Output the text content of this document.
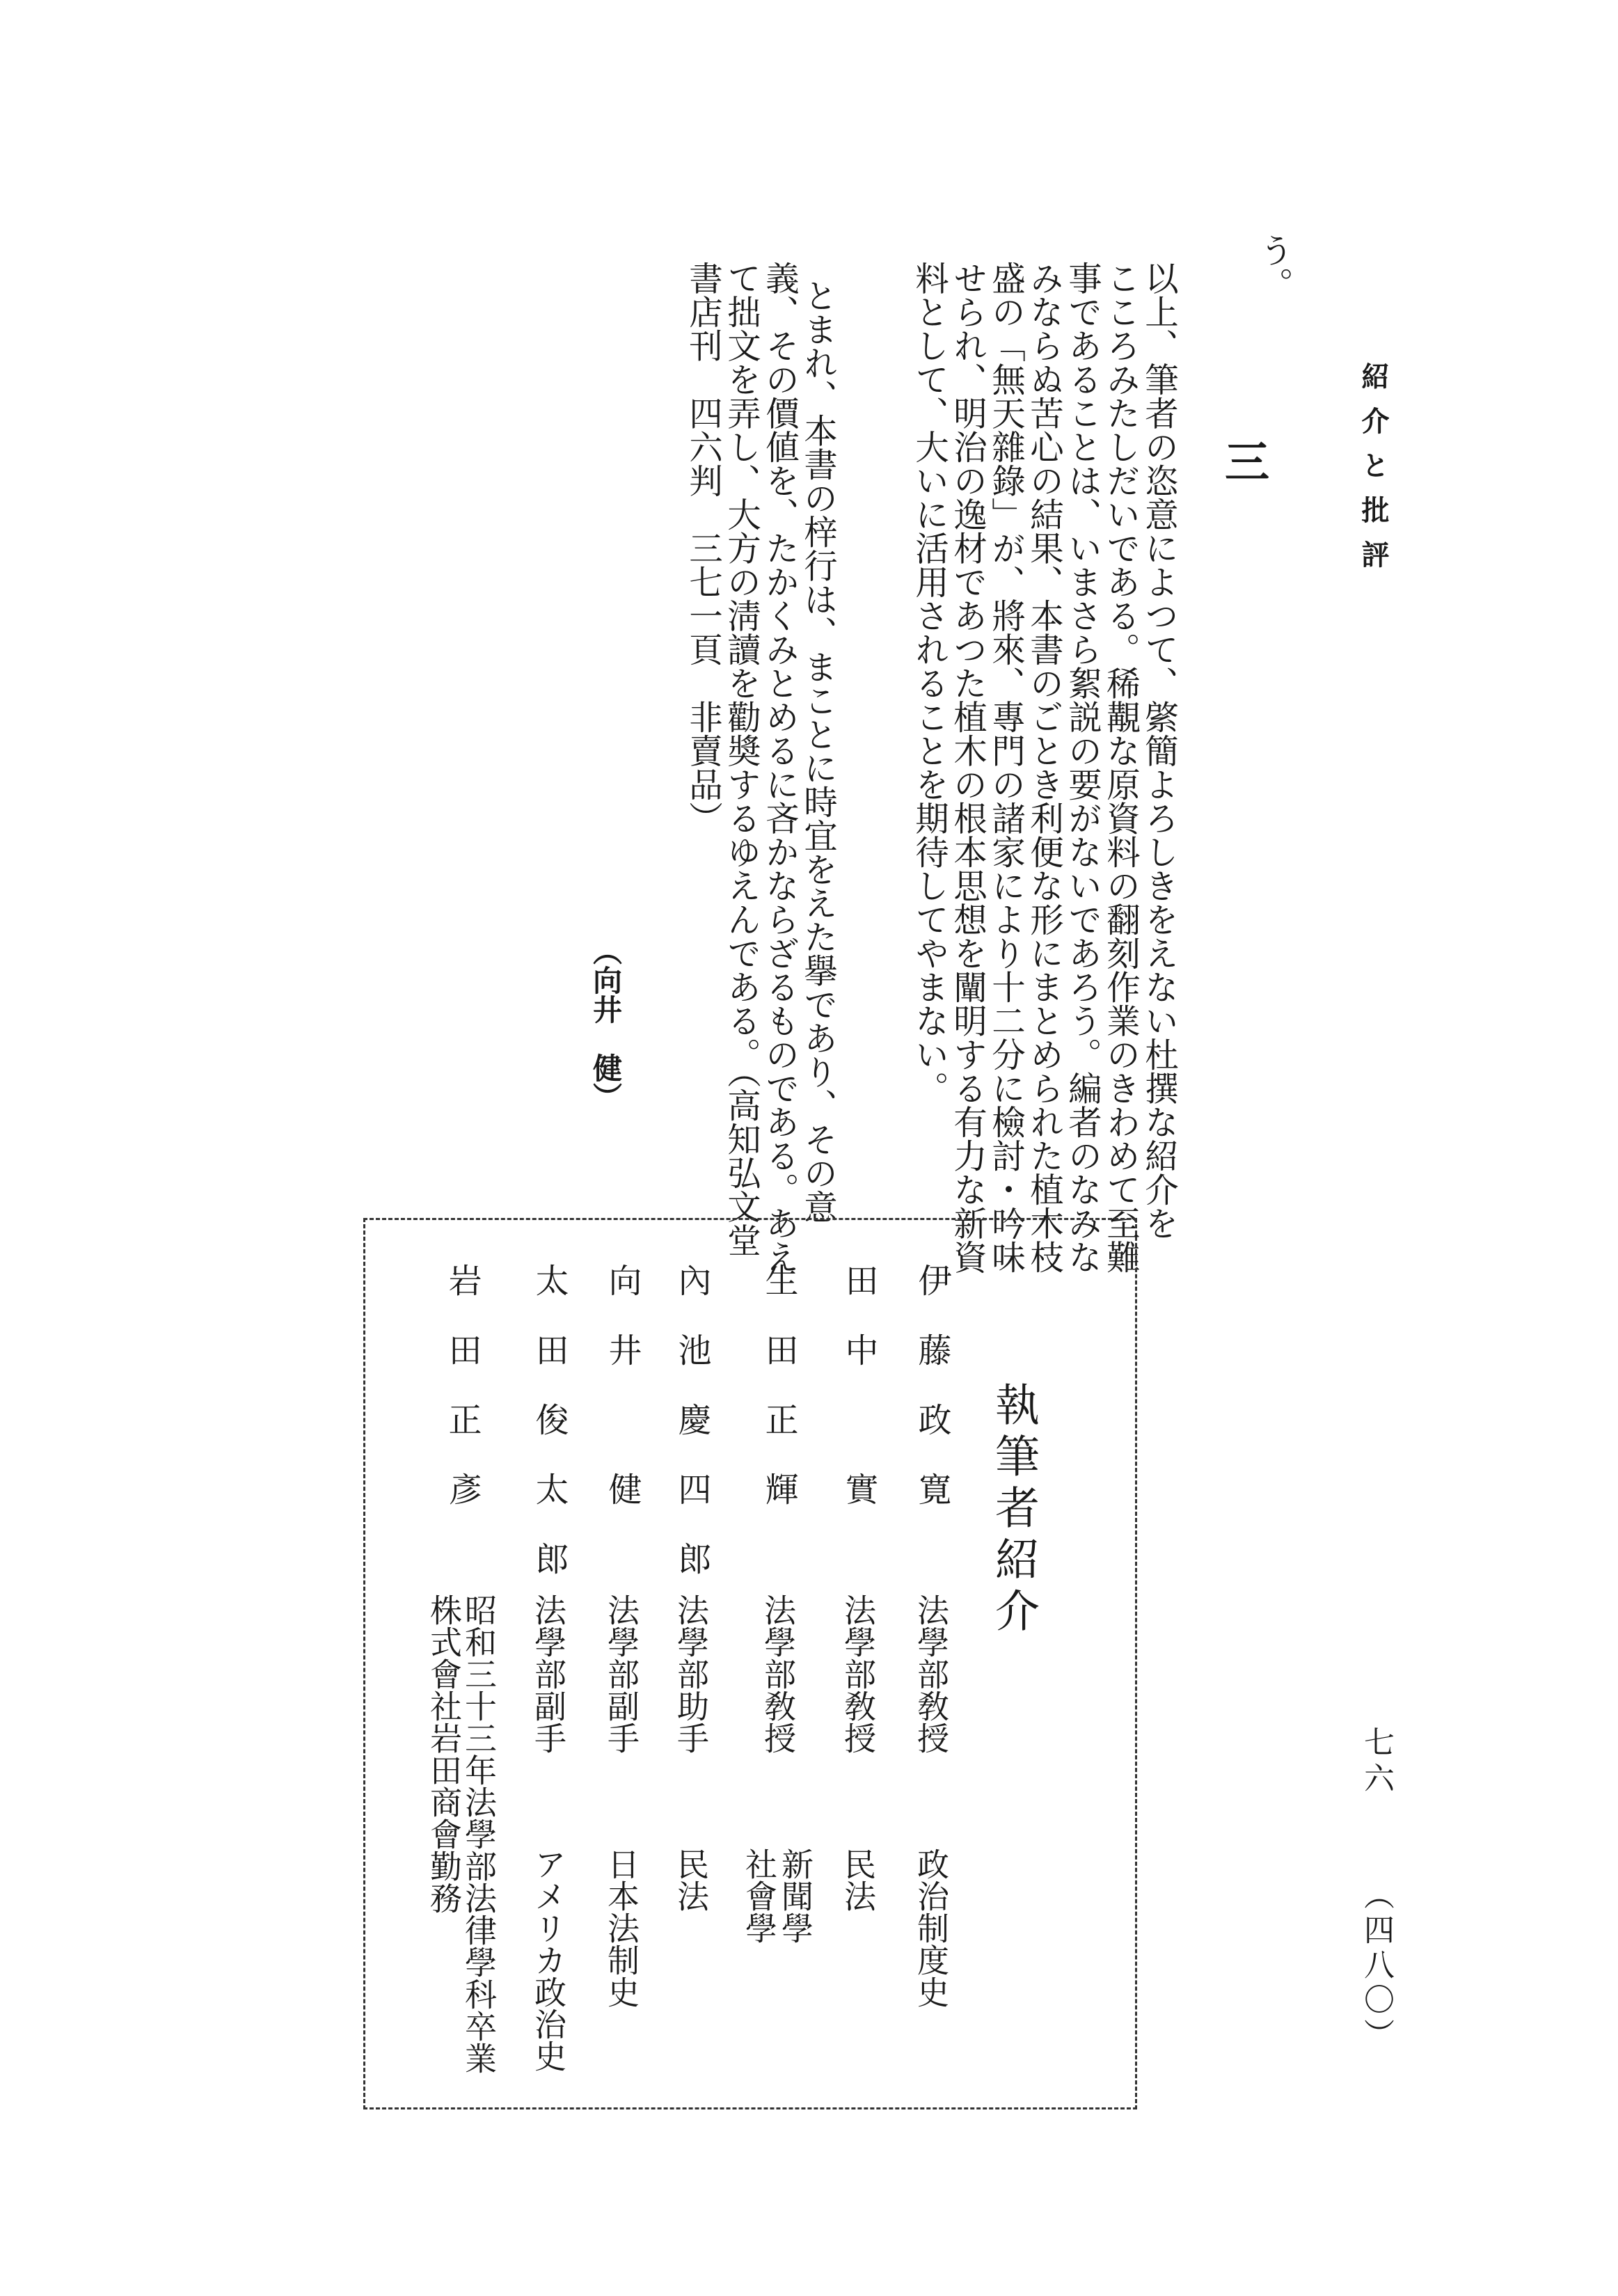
紹介と批評
七六
（四八〇）
う。
三
以上、筆者の恣意によつて、綮簡よろしきをえない杜撰な紹介を
こころみたしだいである。稀覯な原資料の翻刻作業のきわめて至難
事であることは、いまさら絮説の要がないであろう。編者のなみな
みならぬ苦心の結果、本書のごとき利便な形にまとめられた植木枝
盛の「無天雜錄」が、將來、專門の諸家により十二分に檢討・吟味
せられ、明治の逸材であつた植木の根本思想を闡明する有力な新資
料として、大いに活用されることを期待してやまない。
とまれ、本書の梓行は、まことに時宜をえた擧であり、その意
義、その價値を、たかくみとめるに吝かならざるものである。あえ
て拙文を弄し、大方の淸讀を勸奬するゆえんである。（高知弘文堂
書店刊　四六判　三七一頁　非賣品）
（向井　健）
執筆者紹介
伊藤政寛
法學部敎授
政治制度史
田中　實
法學部敎授
民法
生田正輝
法學部敎授
新聞學
社會學
內池慶四郎
法學部助手
民法
向井　健
法學部副手
日本法制史
太田俊太郎
法學部副手
アメリカ政治史
岩田正彥
昭和三十三年法學部法律學科卒業
株式會社岩田商會勤務
